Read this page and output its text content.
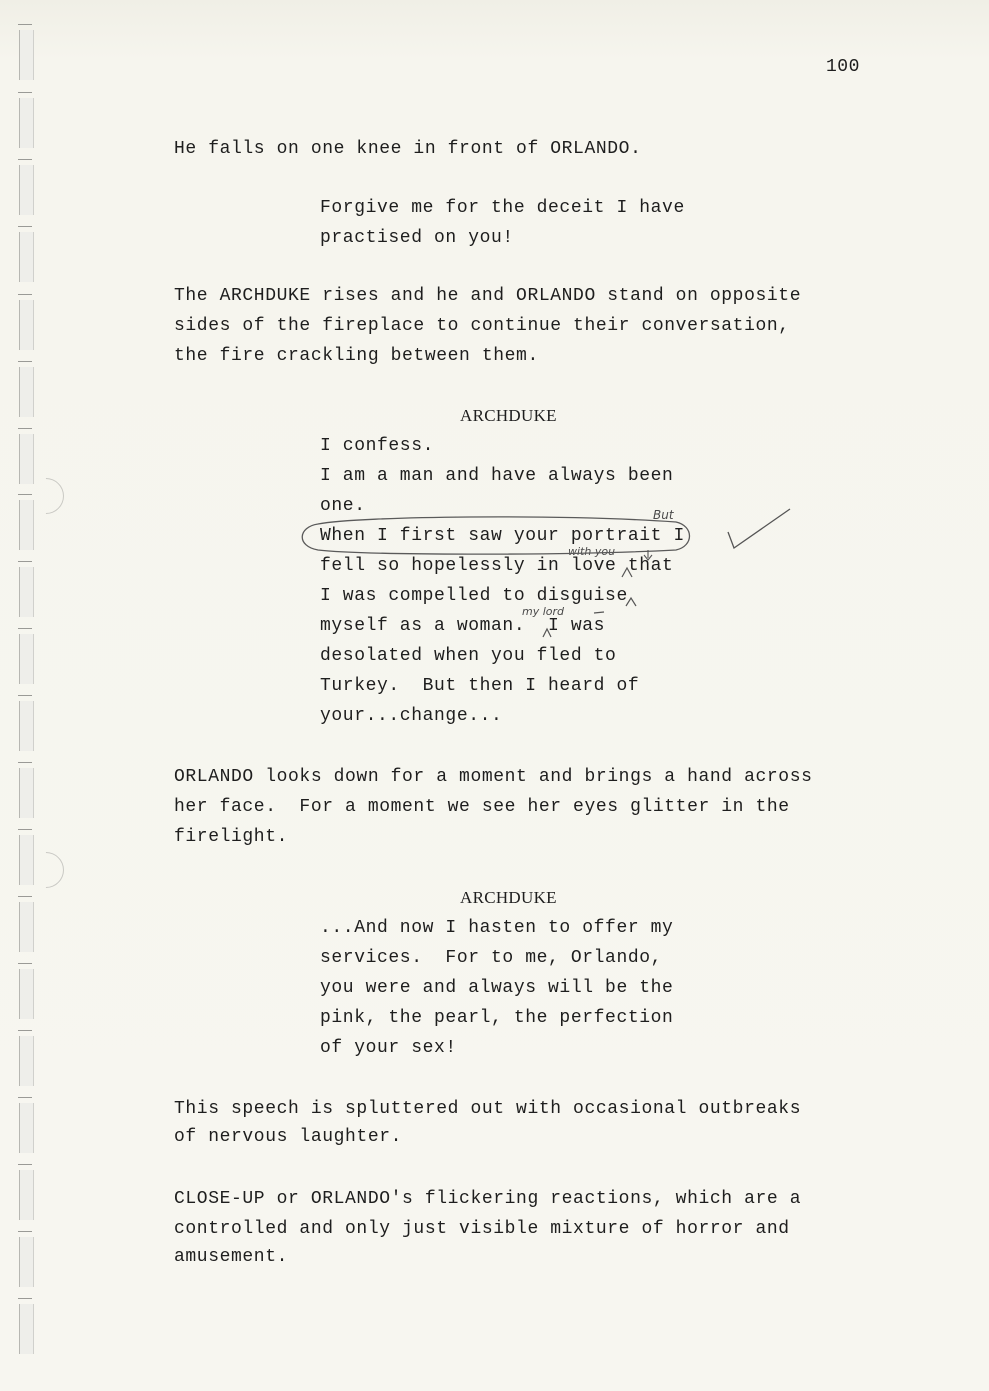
100
He falls on one knee in front of ORLANDO.
Forgive me for the deceit I have
practised on you!
The ARCHDUKE rises and he and ORLANDO stand on opposite
sides of the fireplace to continue their conversation,
the fire crackling between them.
ARCHDUKE
I confess.
I am a man and have always been
one.
When I first saw your portrait I
fell so hopelessly in love that
I was compelled to disguise
myself as a woman.  I was
desolated when you fled to
Turkey.  But then I heard of
your...change...
ORLANDO looks down for a moment and brings a hand across
her face.  For a moment we see her eyes glitter in the
firelight.
ARCHDUKE
...And now I hasten to offer my
services.  For to me, Orlando,
you were and always will be the
pink, the pearl, the perfection
of your sex!
This speech is spluttered out with occasional outbreaks
of nervous laughter.
CLOSE-UP or ORLANDO's flickering reactions, which are a
controlled and only just visible mixture of horror and
amusement.
But
with you
my lord
